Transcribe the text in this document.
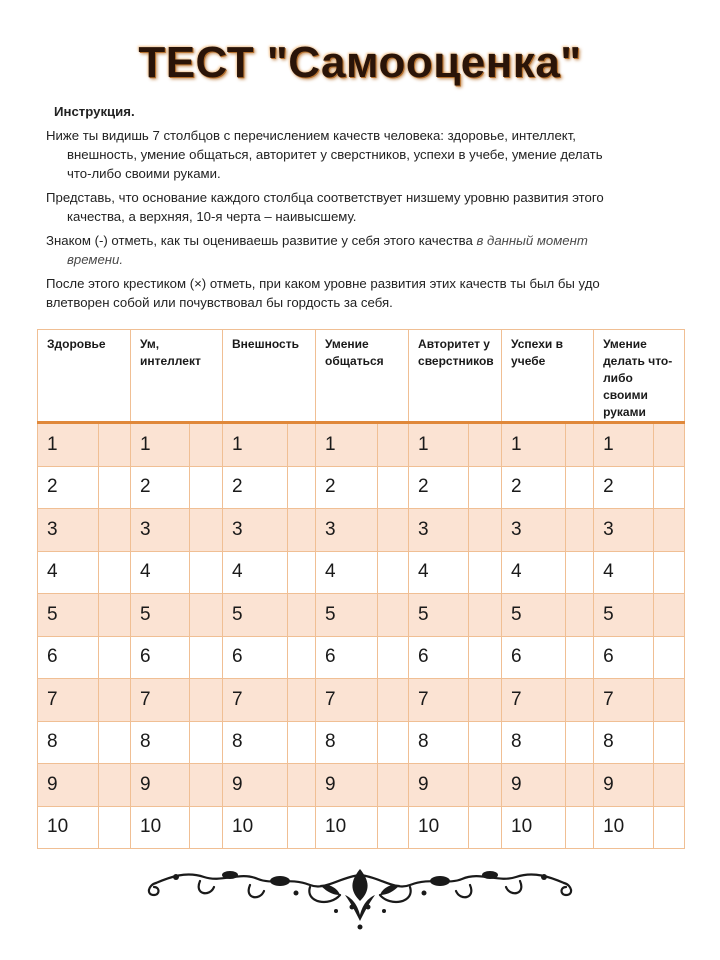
ТЕСТ "Самооценка"
Инструкция.
Ниже ты видишь 7 столбцов с перечислением качеств человека: здоровье, интеллект,
внешность, умение общаться, авторитет у сверстников, успехи в учебе, умение делать
что-либо своими руками.
Представь, что основание каждого столбца соответствует низшему уровню развития этого
качества, а верхняя, 10-я черта – наивысшему.
Знаком (-) отметь, как ты оцениваешь развитие у себя этого качества в данный момент
времени.
После этого крестиком (×) отметь, при каком уровне развития этих качеств ты был бы удо
влетворен собой или почувствовал бы гордость за себя.
Здоровье		Ум, интеллект		Внешность		Умение общаться		Авторитет у сверстников		Успехи в учебе		Умение делать что-либо своими руками	
1		1		1		1		1		1		1	
2		2		2		2		2		2		2	
3		3		3		3		3		3		3	
4		4		4		4		4		4		4	
5		5		5		5		5		5		5	
6		6		6		6		6		6		6	
7		7		7		7		7		7		7	
8		8		8		8		8		8		8	
9		9		9		9		9		9		9	
10		10		10		10		10		10		10	
